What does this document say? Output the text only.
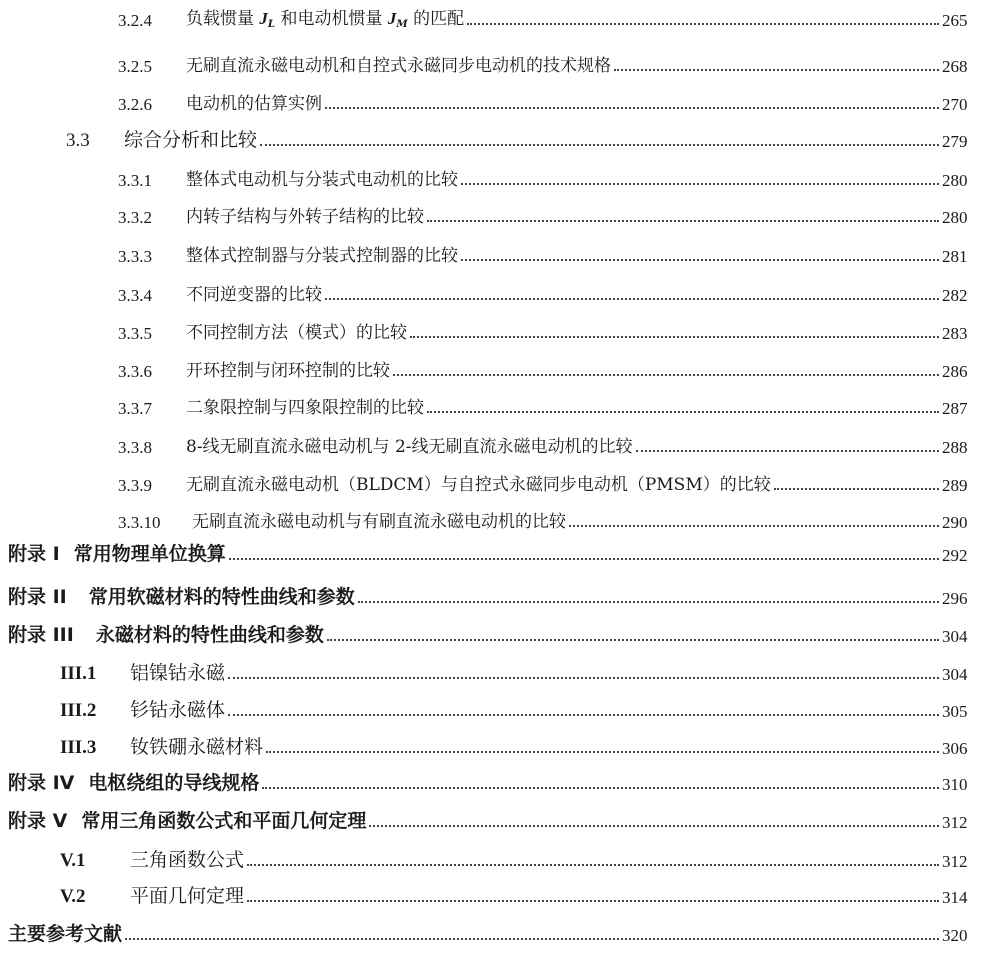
3.2.4	负载惯量 $J_L$ 和电动机惯量 $J_M$ 的匹配	265
3.2.5	无刷直流永磁电动机和自控式永磁同步电动机的技术规格	268
3.2.6	电动机的估算实例	270
3.3	综合分析和比较	279
3.3.1	整体式电动机与分装式电动机的比较	280
3.3.2	内转子结构与外转子结构的比较	280
3.3.3	整体式控制器与分装式控制器的比较	281
3.3.4	不同逆变器的比较	282
3.3.5	不同控制方法（模式）的比较	283
3.3.6	开环控制与闭环控制的比较	286
3.3.7	二象限控制与四象限控制的比较	287
3.3.8	8-线无刷直流永磁电动机与 2-线无刷直流永磁电动机的比较	288
3.3.9	无刷直流永磁电动机（BLDCM）与自控式永磁同步电动机（PMSM）的比较	289
3.3.10	无刷直流永磁电动机与有刷直流永磁电动机的比较	290
附录 I 常用物理单位换算	292
附录 II	常用软磁材料的特性曲线和参数	296
附录 III	永磁材料的特性曲线和参数	304
III.1	铝镍钴永磁	304
III.2	钐钴永磁体	305
III.3	钕铁硼永磁材料	306
附录 IV 电枢绕组的导线规格	310
附录 V 常用三角函数公式和平面几何定理	312
V.1	三角函数公式	312
V.2	平面几何定理	314
主要参考文献	320
